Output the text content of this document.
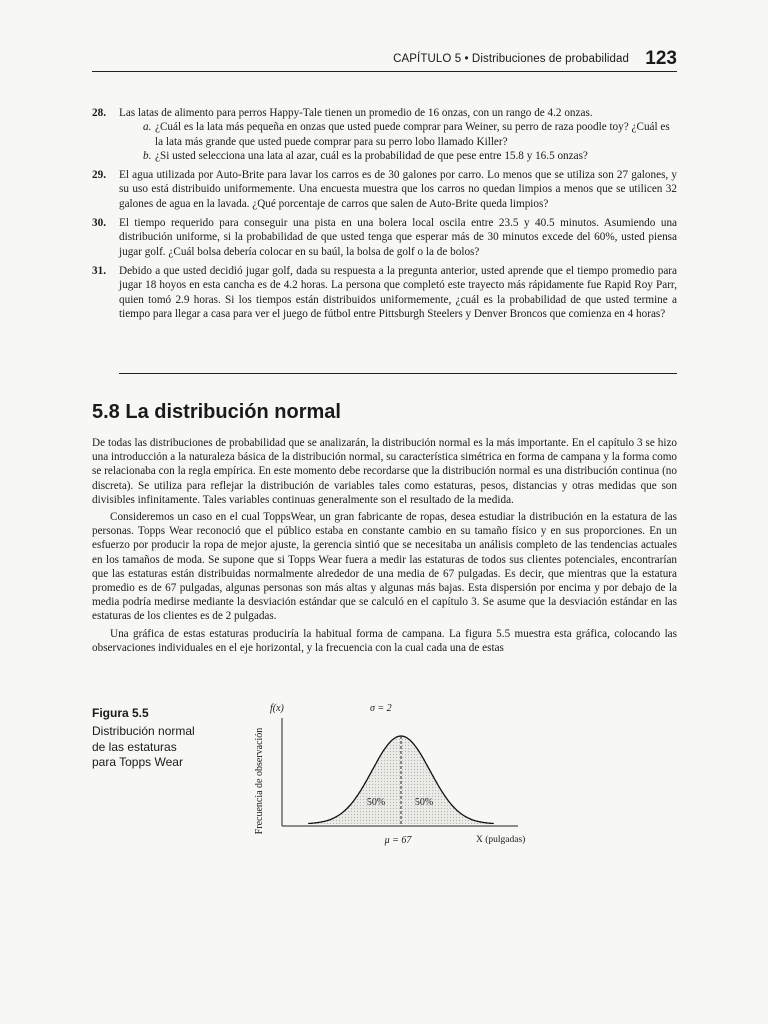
CAPÍTULO 5 • Distribuciones de probabilidad 123
28. Las latas de alimento para perros Happy-Tale tienen un promedio de 16 onzas, con un rango de 4.2 onzas.
a. ¿Cuál es la lata más pequeña en onzas que usted puede comprar para Weiner, su perro de raza poodle toy? ¿Cuál es la lata más grande que usted puede comprar para su perro lobo llamado Killer?
b. ¿Si usted selecciona una lata al azar, cuál es la probabilidad de que pese entre 15.8 y 16.5 onzas?
29. El agua utilizada por Auto-Brite para lavar los carros es de 30 galones por carro. Lo menos que se utiliza son 27 galones, y su uso está distribuido uniformemente. Una encuesta muestra que los carros no quedan limpios a menos que se utilicen 32 galones de agua en la lavada. ¿Qué porcentaje de carros que salen de Auto-Brite queda limpios?
30. El tiempo requerido para conseguir una pista en una bolera local oscila entre 23.5 y 40.5 minutos. Asumiendo una distribución uniforme, si la probabilidad de que usted tenga que esperar más de 30 minutos excede del 60%, usted piensa jugar golf. ¿Cuál bolsa debería colocar en su baúl, la bolsa de golf o la de bolos?
31. Debido a que usted decidió jugar golf, dada su respuesta a la pregunta anterior, usted aprende que el tiempo promedio para jugar 18 hoyos en esta cancha es de 4.2 horas. La persona que completó este trayecto más rápidamente fue Rapid Roy Parr, quien tomó 2.9 horas. Si los tiempos están distribuidos uniformemente, ¿cuál es la probabilidad de que usted termine a tiempo para llegar a casa para ver el juego de fútbol entre Pittsburgh Steelers y Denver Broncos que comienza en 4 horas?
5.8 La distribución normal

De todas las distribuciones de probabilidad que se analizarán, la distribución normal es la más importante. En el capítulo 3 se hizo una introducción a la naturaleza básica de la distribución normal, su característica simétrica en forma de campana y la forma como se relacionaba con la regla empírica. En este momento debe recordarse que la distribución normal es una distribución continua (no discreta). Se utiliza para reflejar la distribución de variables tales como estaturas, pesos, distancias y otras medidas que son divisibles infinitamente. Tales variables continuas generalmente son el resultado de la medida.

Consideremos un caso en el cual ToppsWear, un gran fabricante de ropas, desea estudiar la distribución en la estatura de las personas. Topps Wear reconoció que el público estaba en constante cambio en su tamaño físico y en sus proporciones. En un esfuerzo por producir la ropa de mejor ajuste, la gerencia sintió que se necesitaba un análisis completo de las tendencias actuales en los tamaños de moda. Se supone que si Topps Wear fuera a medir las estaturas de todos sus clientes potenciales, encontrarían que las estaturas están distribuidas normalmente alrededor de una media de 67 pulgadas. Es decir, que mientras que la estatura promedio es de 67 pulgadas, algunas personas son más altas y algunas más bajas. Esta dispersión por encima y por debajo de la media podría medirse mediante la desviación estándar que se calculó en el capítulo 3. Se asume que la desviación estándar en las estaturas de los clientes es de 2 pulgadas.

Una gráfica de estas estaturas produciría la habitual forma de campana. La figura 5.5 muestra esta gráfica, colocando las observaciones individuales en el eje horizontal, y la frecuencia con la cual cada una de estas

Figura 5.5
Distribución normal de las estaturas para Topps Wear	Frecuencia de observación
f(x)	σ = 2
50%	50%
μ = 67	X (pulgadas)
